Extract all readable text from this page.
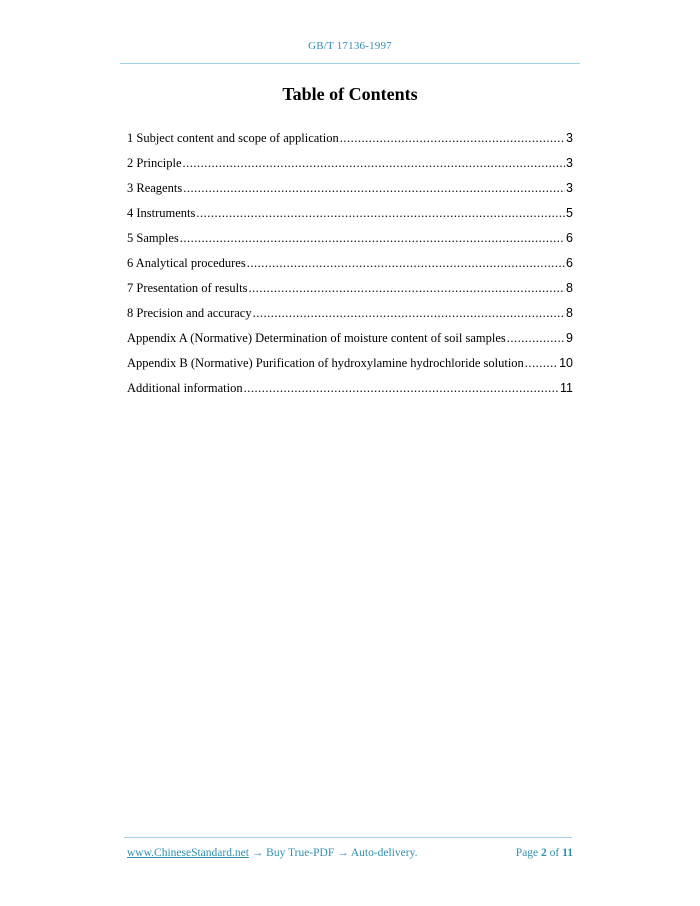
GB/T 17136-1997
Table of Contents
1 Subject content and scope of application .....	3
2 Principle .....	3
3 Reagents .....	3
4 Instruments .....	5
5 Samples .....	6
6 Analytical procedures .....	6
7 Presentation of results .....	8
8 Precision and accuracy .....	8
Appendix A (Normative) Determination of moisture content of soil samples .....	9
Appendix B (Normative) Purification of hydroxylamine hydrochloride solution .....	10
Additional information .....	11
www.ChineseStandard.net → Buy True-PDF → Auto-delivery.	Page 2 of 11
